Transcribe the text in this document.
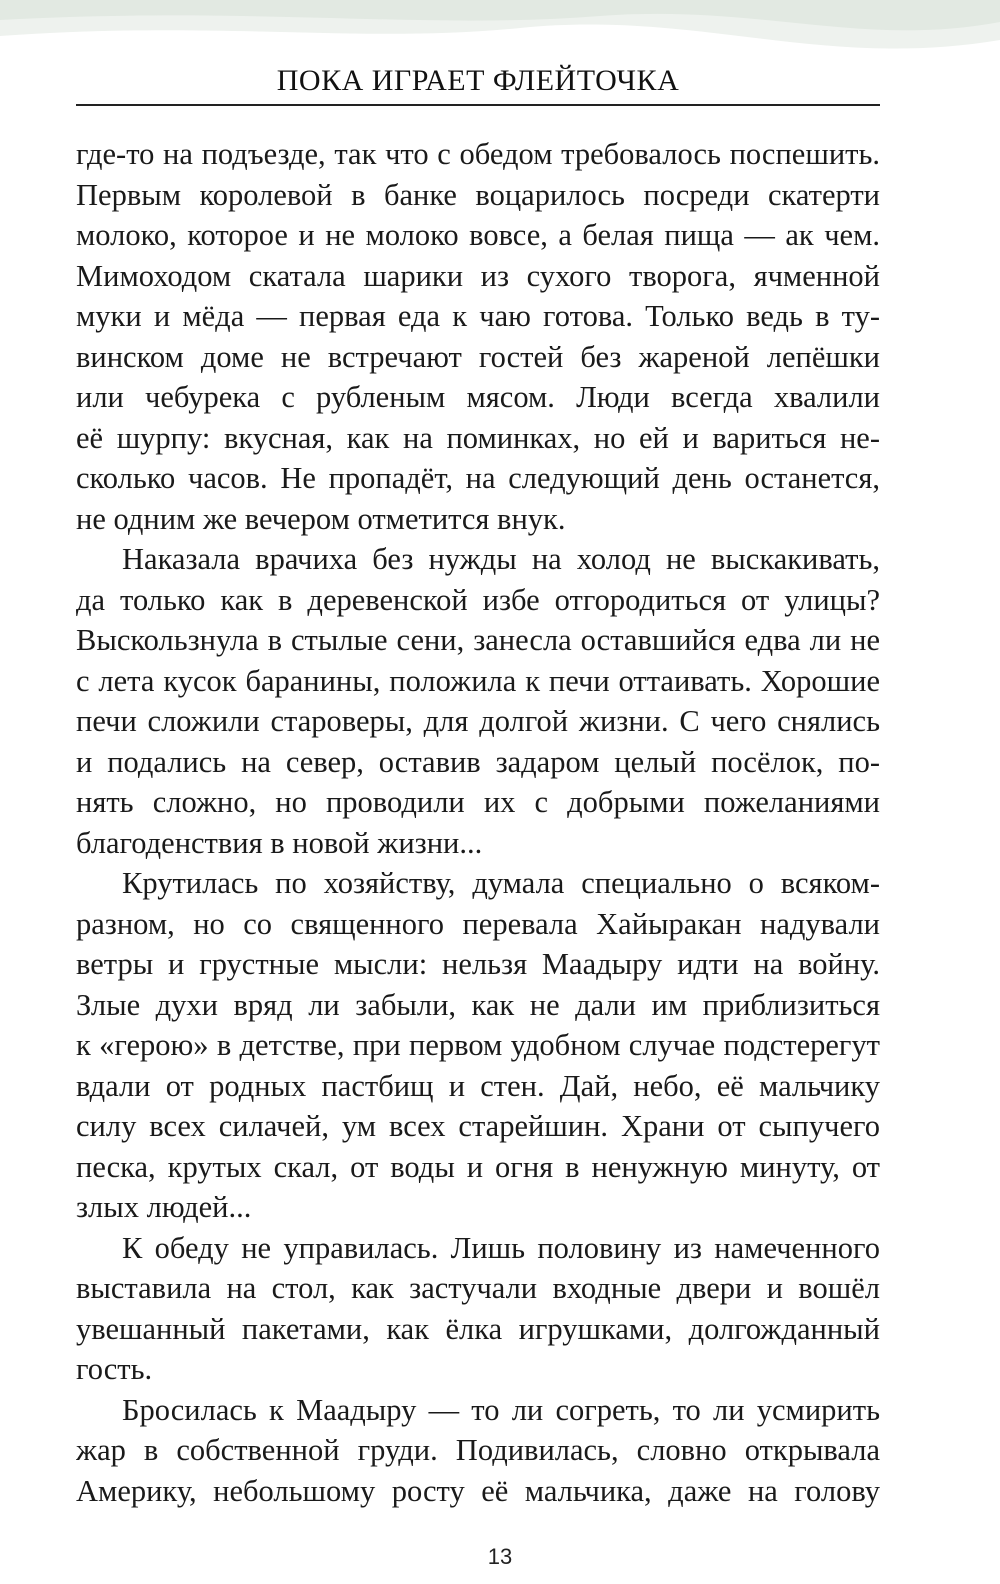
ПОКА ИГРАЕТ ФЛЕЙТОЧКА
где-то на подъезде, так что с обедом требовалось поспешить.
Первым королевой в банке воцарилось посреди скатерти
молоко, которое и не молоко вовсе, а белая пища — ак чем.
Мимоходом скатала шарики из сухого творога, ячменной
муки и мёда — первая еда к чаю готова. Только ведь в ту-
винском доме не встречают гостей без жареной лепёшки
или чебурека с рубленым мясом. Люди всегда хвалили
её шурпу: вкусная, как на поминках, но ей и вариться не-
сколько часов. Не пропадёт, на следующий день останется,
не одним же вечером отметится внук.
Наказала врачиха без нужды на холод не выскакивать,
да только как в деревенской избе отгородиться от улицы?
Выскользнула в стылые сени, занесла оставшийся едва ли не
с лета кусок баранины, положила к печи оттаивать. Хорошие
печи сложили староверы, для долгой жизни. С чего снялись
и подались на север, оставив задаром целый посёлок, по-
нять сложно, но проводили их с добрыми пожеланиями
благоденствия в новой жизни...
Крутилась по хозяйству, думала специально о всяком-
разном, но со священного перевала Хайыракан надували
ветры и грустные мысли: нельзя Маадыру идти на войну.
Злые духи вряд ли забыли, как не дали им приблизиться
к «герою» в детстве, при первом удобном случае подстерегут
вдали от родных пастбищ и стен. Дай, небо, её мальчику
силу всех силачей, ум всех старейшин. Храни от сыпучего
песка, крутых скал, от воды и огня в ненужную минуту, от
злых людей...
К обеду не управилась. Лишь половину из намеченного
выставила на стол, как застучали входные двери и вошёл
увешанный пакетами, как ёлка игрушками, долгожданный
гость.
Бросилась к Маадыру — то ли согреть, то ли усмирить
жар в собственной груди. Подивилась, словно открывала
Америку, небольшому росту её мальчика, даже на голову
13
